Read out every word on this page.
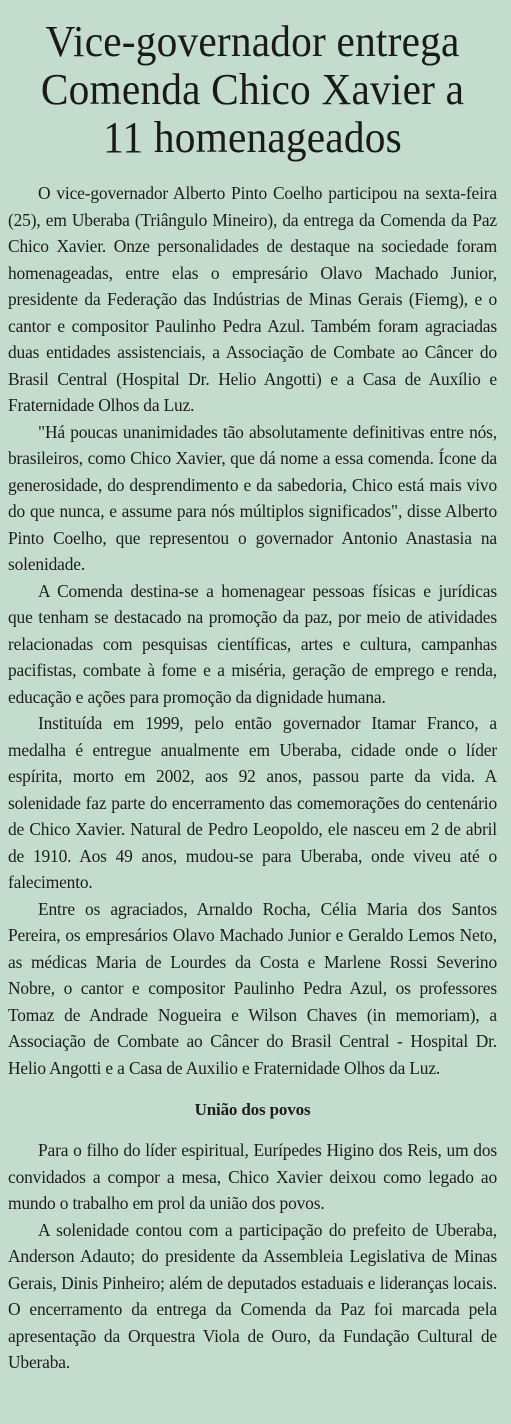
Vice-governador entrega Comenda Chico Xavier a 11 homenageados

O vice-governador Alberto Pinto Coelho participou na sexta-feira (25), em Uberaba (Triângulo Mineiro), da entrega da Comenda da Paz Chico Xavier. Onze personalidades de destaque na sociedade foram homenageadas, entre elas o empresário Olavo Machado Junior, presidente da Federação das Indústrias de Minas Gerais (Fiemg), e o cantor e compositor Paulinho Pedra Azul. Também foram agraciadas duas entidades assistenciais, a Associação de Combate ao Câncer do Brasil Central (Hospital Dr. Helio Angotti) e a Casa de Auxílio e Fraternidade Olhos da Luz.

"Há poucas unanimidades tão absolutamente definitivas entre nós, brasileiros, como Chico Xavier, que dá nome a essa comenda. Ícone da generosidade, do desprendimento e da sabedoria, Chico está mais vivo do que nunca, e assume para nós múltiplos significados", disse Alberto Pinto Coelho, que representou o governador Antonio Anastasia na solenidade.

A Comenda destina-se a homenagear pessoas físicas e jurídicas que tenham se destacado na promoção da paz, por meio de atividades relacionadas com pesquisas científicas, artes e cultura, campanhas pacifistas, combate à fome e a miséria, geração de emprego e renda, educação e ações para promoção da dignidade humana.

Instituída em 1999, pelo então governador Itamar Franco, a medalha é entregue anualmente em Uberaba, cidade onde o líder espírita, morto em 2002, aos 92 anos, passou parte da vida. A solenidade faz parte do encerramento das comemorações do centenário de Chico Xavier. Natural de Pedro Leopoldo, ele nasceu em 2 de abril de 1910. Aos 49 anos, mudou-se para Uberaba, onde viveu até o falecimento.

Entre os agraciados, Arnaldo Rocha, Célia Maria dos Santos Pereira, os empresários Olavo Machado Junior e Geraldo Lemos Neto, as médicas Maria de Lourdes da Costa e Marlene Rossi Severino Nobre, o cantor e compositor Paulinho Pedra Azul, os professores Tomaz de Andrade Nogueira e Wilson Chaves (in memoriam), a Associação de Combate ao Câncer do Brasil Central - Hospital Dr. Helio Angotti e a Casa de Auxilio e Fraternidade Olhos da Luz.

União dos povos

Para o filho do líder espiritual, Eurípedes Higino dos Reis, um dos convidados a compor a mesa, Chico Xavier deixou como legado ao mundo o trabalho em prol da união dos povos.

A solenidade contou com a participação do prefeito de Uberaba, Anderson Adauto; do presidente da Assembleia Legislativa de Minas Gerais, Dinis Pinheiro; além de deputados estaduais e lideranças locais. O encerramento da entrega da Comenda da Paz foi marcada pela apresentação da Orquestra Viola de Ouro, da Fundação Cultural de Uberaba.
